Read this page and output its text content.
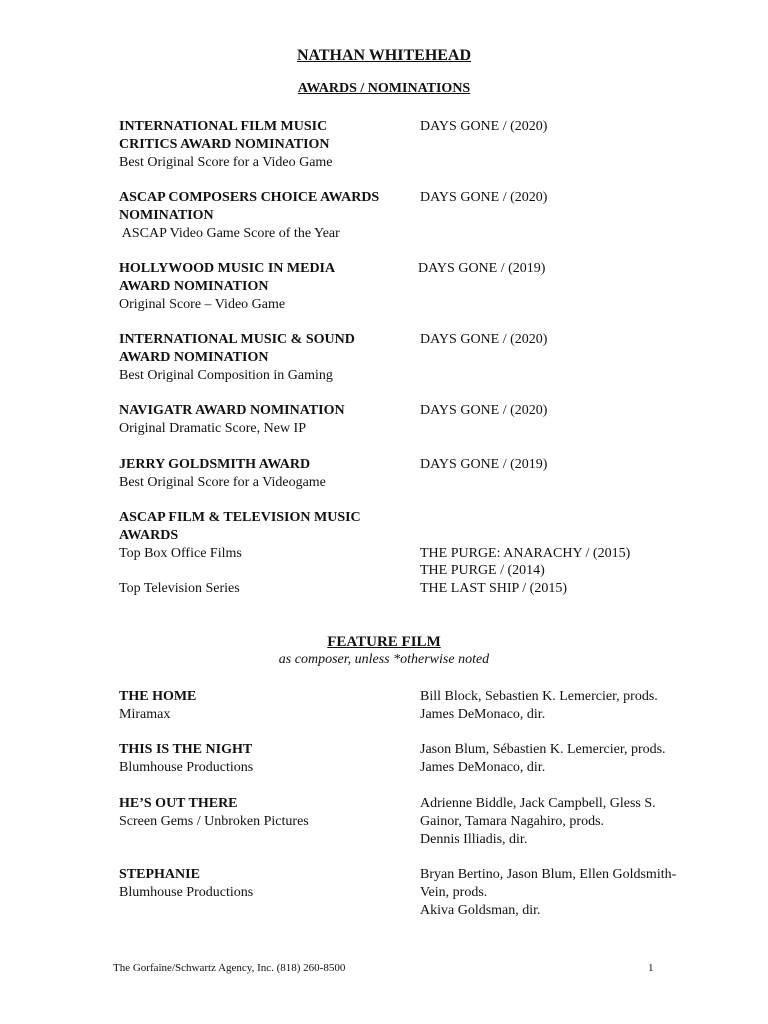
NATHAN WHITEHEAD
AWARDS / NOMINATIONS
INTERNATIONAL FILM MUSIC
CRITICS AWARD NOMINATION
Best Original Score for a Video Game
DAYS GONE / (2020)
ASCAP COMPOSERS CHOICE AWARDS
NOMINATION
ASCAP Video Game Score of the Year
DAYS GONE / (2020)
HOLLYWOOD MUSIC IN MEDIA
AWARD NOMINATION
Original Score – Video Game
DAYS GONE / (2019)
INTERNATIONAL MUSIC & SOUND
AWARD NOMINATION
Best Original Composition in Gaming
DAYS GONE / (2020)
NAVIGATR AWARD NOMINATION
Original Dramatic Score, New IP
DAYS GONE / (2020)
JERRY GOLDSMITH AWARD
Best Original Score for a Videogame
DAYS GONE / (2019)
ASCAP FILM & TELEVISION MUSIC
AWARDS
Top Box Office Films

Top Television Series
THE PURGE: ANARACHY / (2015)
THE PURGE / (2014)
THE LAST SHIP / (2015)
FEATURE FILM
as composer, unless *otherwise noted
THE HOME
Miramax
Bill Block, Sebastien K. Lemercier, prods.
James DeMonaco, dir.
THIS IS THE NIGHT
Blumhouse Productions
Jason Blum, Sébastien K. Lemercier, prods.
James DeMonaco, dir.
HE’S OUT THERE
Screen Gems / Unbroken Pictures
Adrienne Biddle, Jack Campbell, Gless S.
Gainor, Tamara Nagahiro, prods.
Dennis Illiadis, dir.
STEPHANIE
Blumhouse Productions
Bryan Bertino, Jason Blum, Ellen Goldsmith-
Vein, prods.
Akiva Goldsman, dir.
The Gorfaine/Schwartz Agency, Inc. (818) 260-8500	1
